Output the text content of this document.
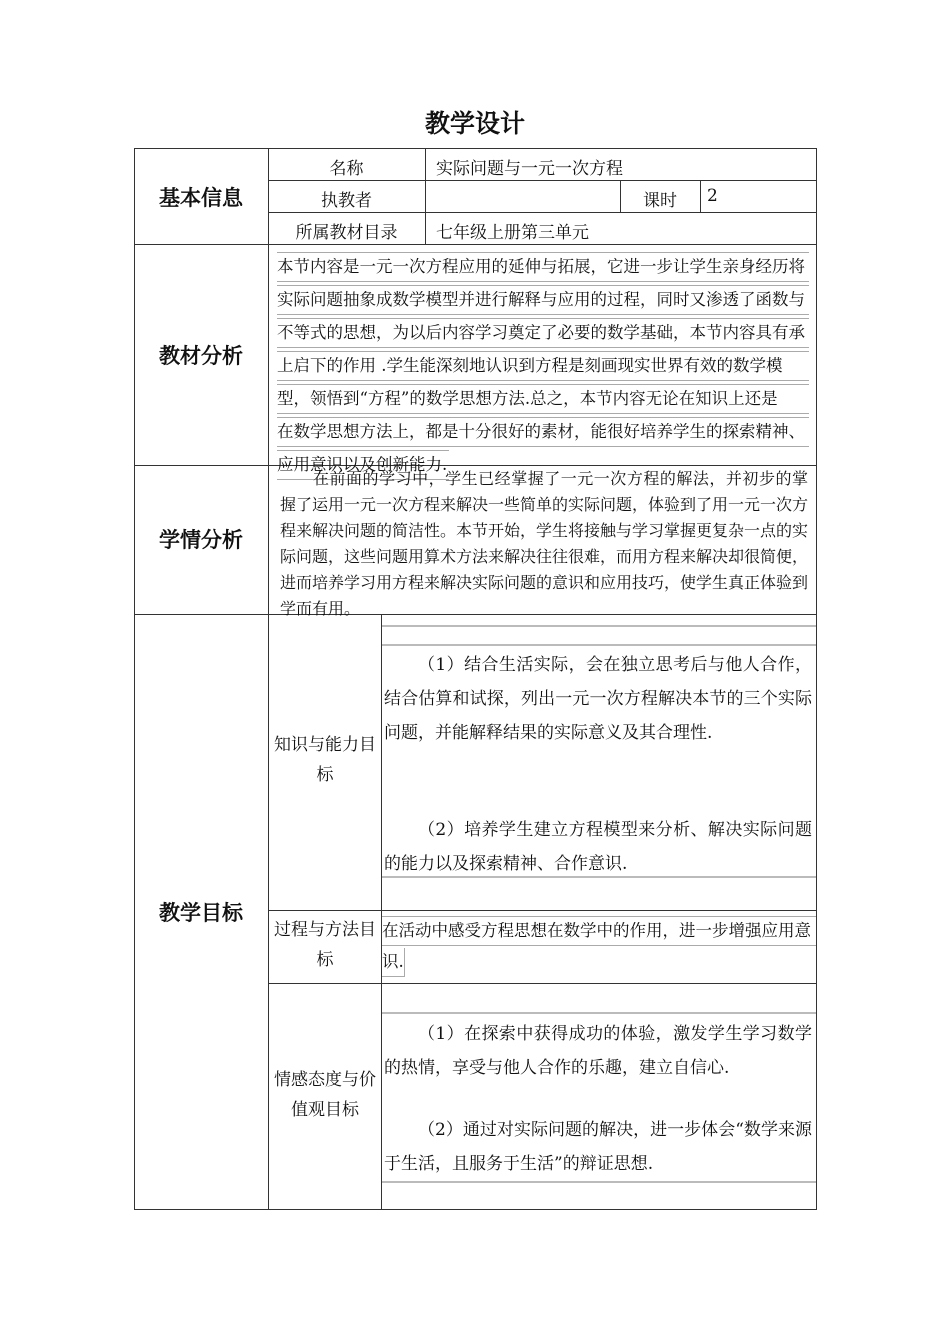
教学设计
基本信息
名称	实际问题与一元一次方程
执教者	课时	2
所属教材目录	七年级上册第三单元
教材分析
本节内容是一元一次方程应用的延伸与拓展，它进一步让学生亲身经历将
实际问题抽象成数学模型并进行解释与应用的过程，同时又渗透了函数与
不等式的思想，为以后内容学习奠定了必要的数学基础，本节内容具有承
上启下的作用 .学生能深刻地认识到方程是刻画现实世界有效的数学模
型，领悟到“方程”的数学思想方法.总之，本节内容无论在知识上还是
在数学思想方法上，都是十分很好的素材，能很好培养学生的探索精神、
应用意识以及创新能力.
学情分析
在前面的学习中，学生已经掌握了一元一次方程的解法，并初步的掌握了运用一元一次方程来解决一些简单的实际问题，体验到了用一元一次方程来解决问题的简洁性。本节开始，学生将接触与学习掌握更复杂一点的实际问题，这些问题用算术方法来解决往往很难，而用方程来解决却很简便，进而培养学习用方程来解决实际问题的意识和应用技巧，使学生真正体验到学而有用。
教学目标
知识与能力目标
（1）结合生活实际，会在独立思考后与他人合作，结合估算和试探，列出一元一次方程解决本节的三个实际问题，并能解释结果的实际意义及其合理性.
（2）培养学生建立方程模型来分析、解决实际问题的能力以及探索精神、合作意识.
过程与方法目标
在活动中感受方程思想在数学中的作用，进一步增强应用意
识.
情感态度与价值观目标
（1）在探索中获得成功的体验，激发学生学习数学的热情，享受与他人合作的乐趣，建立自信心.
（2）通过对实际问题的解决，进一步体会“数学来源于生活，且服务于生活”的辩证思想.
